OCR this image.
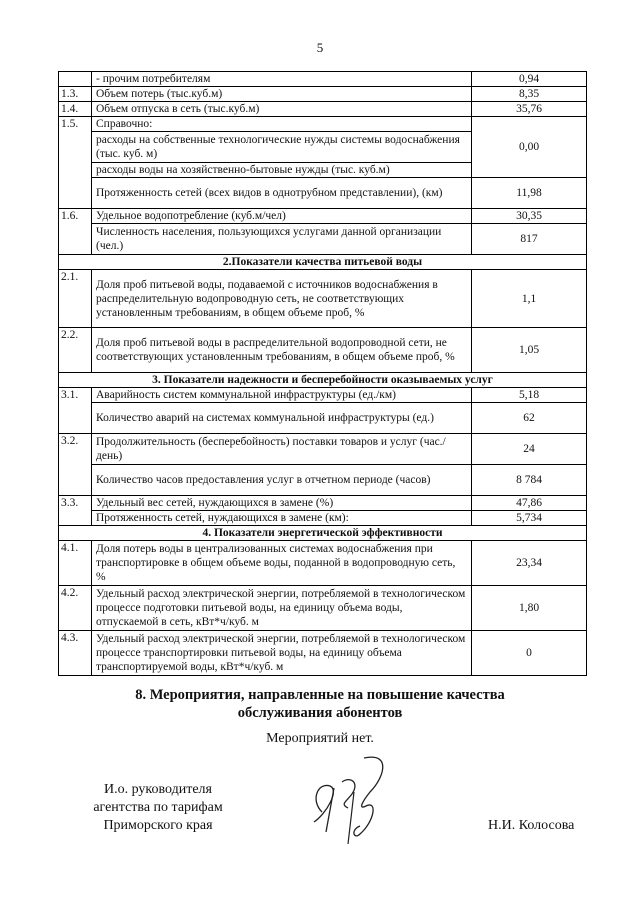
5
	- прочим потребителям	0,94
1.3.	Объем потерь (тыс.куб.м)	8,35
1.4.	Объем отпуска в сеть (тыс.куб.м)	35,76
1.5.	Справочно:	0,00
	расходы на собственные технологические нужды системы водоснабжения (тыс. куб. м)	
	расходы воды на хозяйственно-бытовые нужды (тыс. куб.м)	
	Протяженность сетей (всех видов в однотрубном представлении), (км)	11,98
1.6.	Удельное водопотребление (куб.м/чел)	30,35
	Численность населения, пользующихся услугами данной организации (чел.)	817
2.Показатели качества питьевой воды		
2.1.	Доля проб питьевой воды, подаваемой с источников водоснабжения в распределительную водопроводную сеть, не соответствующих установленным требованиям, в общем объеме проб, %	1,1
2.2.	Доля проб питьевой воды в распределительной водопроводной сети, не соответствующих установленным требованиям, в общем объеме проб, %	1,05
3. Показатели надежности и бесперебойности оказываемых услуг		
3.1.	Аварийность систем коммунальной инфраструктуры (ед./км)	5,18
	Количество аварий на системах коммунальной инфраструктуры (ед.)	62
3.2.	Продолжительность (бесперебойность) поставки товаров и услуг (час./день)	24
	Количество часов предоставления услуг в отчетном периоде (часов)	8 784
3.3.	Удельный вес сетей, нуждающихся в замене (%)	47,86
	Протяженность сетей, нуждающихся в замене (км):	5,734
4. Показатели энергетической эффективности		
4.1.	Доля потерь воды в централизованных системах водоснабжения при транспортировке в общем объеме воды, поданной в водопроводную сеть, %	23,34
4.2.	Удельный расход электрической энергии, потребляемой в технологическом процессе подготовки питьевой воды, на единицу объема воды, отпускаемой в сеть, кВт*ч/куб. м	1,80
4.3.	Удельный расход электрической энергии, потребляемой в технологическом процессе транспортировки питьевой воды, на единицу объема транспортируемой воды, кВт*ч/куб. м	0
8. Мероприятия, направленные на повышение качества
обслуживания абонентов
Мероприятий нет.
И.о. руководителя
агентства по тарифам
Приморского края	Н.И. Колосова
